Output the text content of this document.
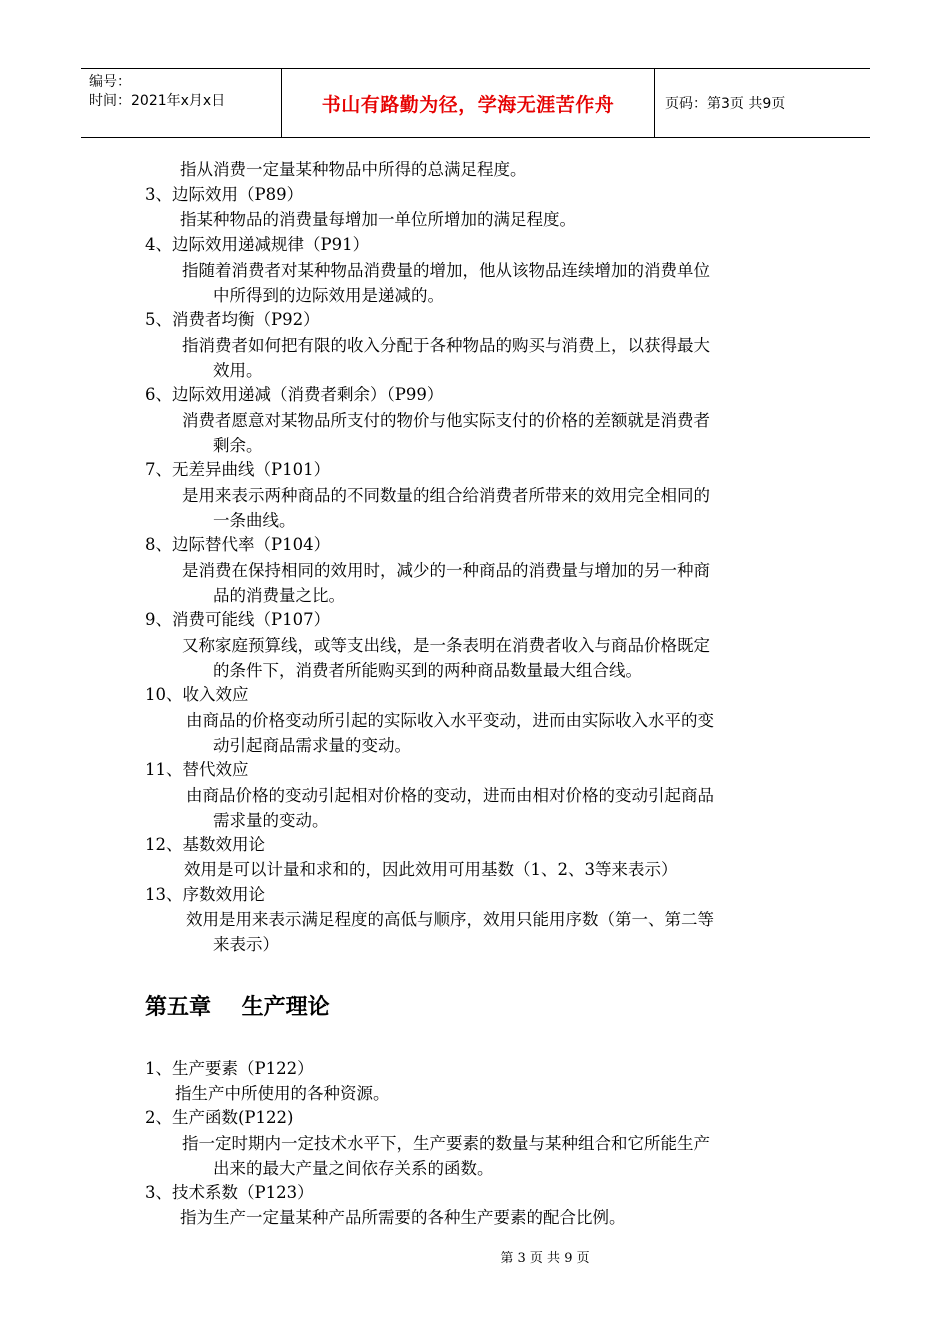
编号：
时间：2021年x月x日	书山有路勤为径，学海无涯苦作舟	页码：第3页 共9页
指从消费一定量某种物品中所得的总满足程度。
3、边际效用（P89）
指某种物品的消费量每增加一单位所增加的满足程度。
4、边际效用递减规律（P91）
指随着消费者对某种物品消费量的增加，他从该物品连续增加的消费单位
中所得到的边际效用是递减的。
5、消费者均衡（P92）
指消费者如何把有限的收入分配于各种物品的购买与消费上，以获得最大
效用。
6、边际效用递减（消费者剩余）（P99）
消费者愿意对某物品所支付的物价与他实际支付的价格的差额就是消费者
剩余。
7、无差异曲线（P101）
是用来表示两种商品的不同数量的组合给消费者所带来的效用完全相同的
一条曲线。
8、边际替代率（P104）
是消费在保持相同的效用时，减少的一种商品的消费量与增加的另一种商
品的消费量之比。
9、消费可能线（P107）
又称家庭预算线，或等支出线，是一条表明在消费者收入与商品价格既定
的条件下，消费者所能购买到的两种商品数量最大组合线。
10、收入效应
由商品的价格变动所引起的实际收入水平变动，进而由实际收入水平的变
动引起商品需求量的变动。
11、替代效应
由商品价格的变动引起相对价格的变动，进而由相对价格的变动引起商品
需求量的变动。
12、基数效用论
效用是可以计量和求和的，因此效用可用基数（1、2、3等来表示）
13、序数效用论
效用是用来表示满足程度的高低与顺序，效用只能用序数（第一、第二等
来表示）
第五章    生产理论
1、生产要素（P122）
指生产中所使用的各种资源。
2、生产函数(P122)
指一定时期内一定技术水平下，生产要素的数量与某种组合和它所能生产
出来的最大产量之间依存关系的函数。
3、技术系数（P123）
指为生产一定量某种产品所需要的各种生产要素的配合比例。
第 3 页 共 9 页
